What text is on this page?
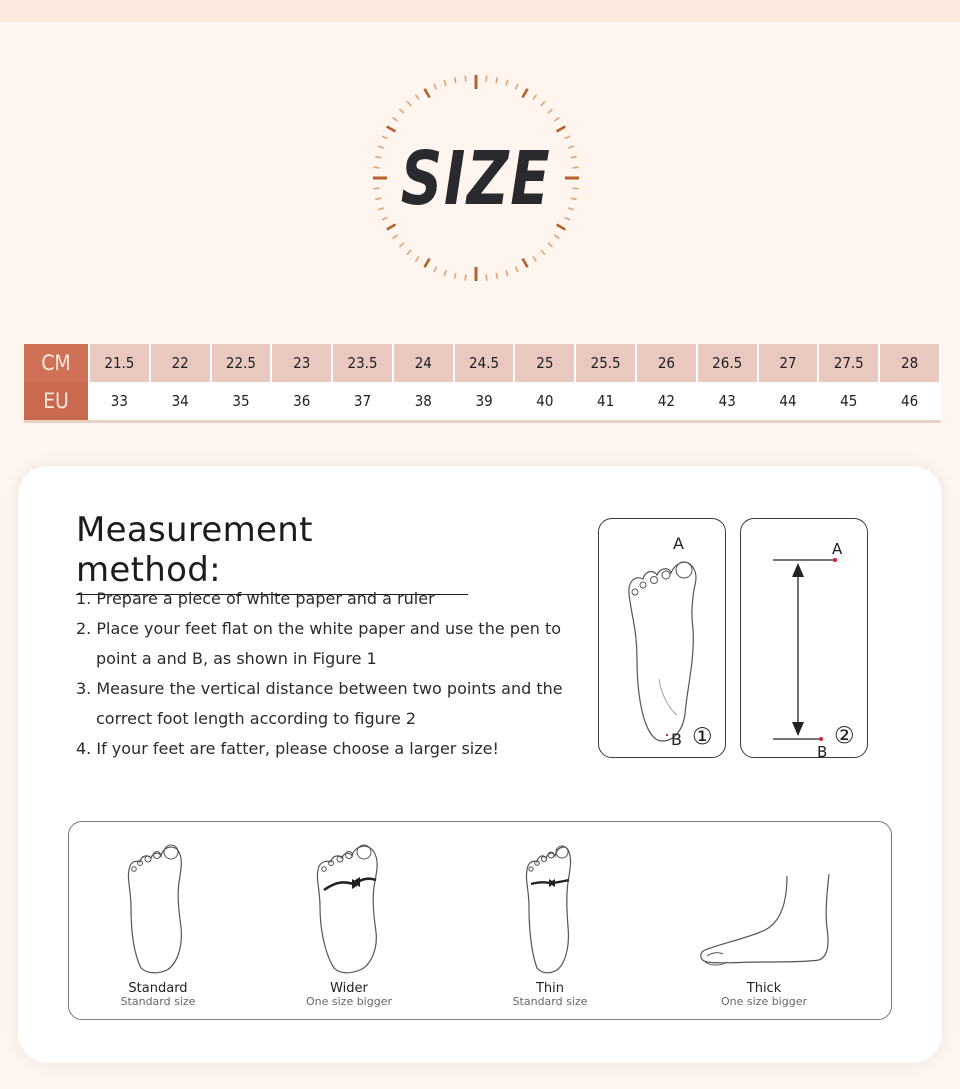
SIZE
CM	21.5	22	22.5	23	23.5	24	24.5	25	25.5	26	26.5	27	27.5	28
EU	33	34	35	36	37	38	39	40	41	42	43	44	45	46
Measurement method:
1. Prepare a piece of white paper and a ruler
2. Place your feet flat on the white paper and use the pen to
point a and B, as shown in Figure 1
3. Measure the vertical distance between two points and the
correct foot length according to figure 2
4. If your feet are fatter, please choose a larger size!
A
B ①
A
B
②
Standard
Standard size
Wider
One size bigger
Thin
Standard size
Thick
One size bigger
